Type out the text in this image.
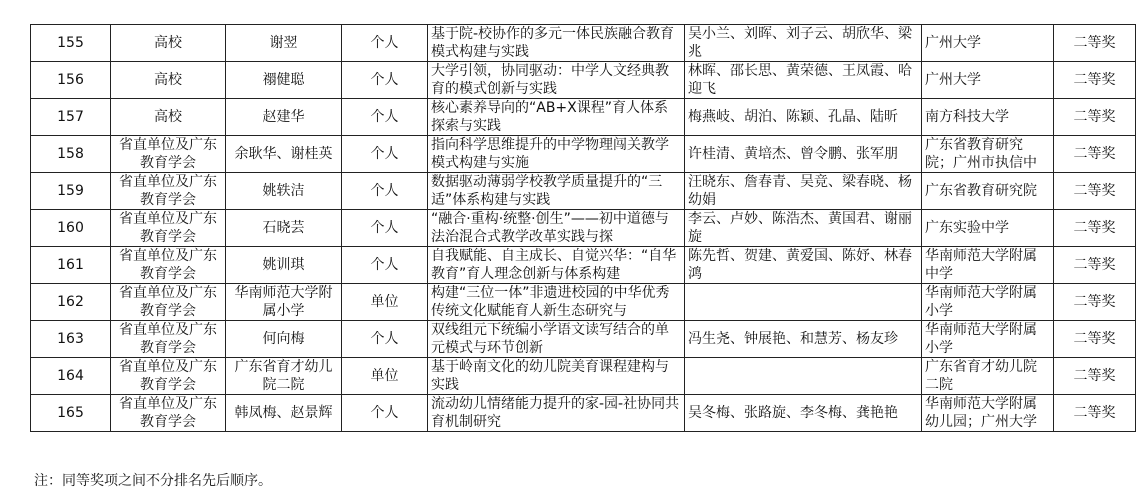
155	高校	谢翌	个人	基于院-校协作的多元一体民族融合教育模式构建与实践	吴小兰、刘晖、刘子云、胡欣华、梁兆	广州大学	二等奖

156	高校	禤健聪	个人	大学引领，协同驱动：中学人文经典教育的模式创新与实践	林晖、邵长思、黄荣德、王凤霞、哈迎飞	广州大学	二等奖

157	高校	赵建华	个人	核心素养导向的“AB+X课程”育人体系探索与实践	梅燕岐、胡泊、陈颖、孔晶、陆昕	南方科技大学	二等奖

158	省直单位及广东教育学会	余耿华、谢桂英	个人	指向科学思维提升的中学物理闯关教学模式构建与实施	许桂清、黄培杰、曾令鹏、张军朋	广东省教育研究院；广州市执信中	二等奖

159	省直单位及广东教育学会	姚轶洁	个人	数据驱动薄弱学校教学质量提升的“三适”体系构建与实践	汪晓东、詹春青、吴竞、梁春晓、杨幼娟	广东省教育研究院	二等奖

160	省直单位及广东教育学会	石晓芸	个人	“融合·重构·统整·创生”——初中道德与法治混合式教学改革实践与探	李云、卢妙、陈浩杰、黄国君、谢丽旋	广东实验中学	二等奖

161	省直单位及广东教育学会	姚训琪	个人	自我赋能、自主成长、自觉兴华：“自华教育”育人理念创新与体系构建	陈先哲、贺建、黄爱国、陈妤、林春鸿	华南师范大学附属中学	二等奖

162	省直单位及广东教育学会	华南师范大学附属小学	单位	构建“三位一体”非遗进校园的中华优秀传统文化赋能育人新生态研究与		华南师范大学附属小学	二等奖

163	省直单位及广东教育学会	何向梅	个人	双线组元下统编小学语文读写结合的单元模式与环节创新	冯生尧、钟展艳、和慧芳、杨友珍	华南师范大学附属小学	二等奖

164	省直单位及广东教育学会	广东省育才幼儿院二院	单位	基于岭南文化的幼儿院美育课程建构与实践		广东省育才幼儿院二院	二等奖

165	省直单位及广东教育学会	韩凤梅、赵景辉	个人	流动幼儿情绪能力提升的家-园-社协同共育机制研究	吴冬梅、张路旋、李冬梅、龚艳艳	华南师范大学附属幼儿园；广州大学	二等奖
注：同等奖项之间不分排名先后顺序。
